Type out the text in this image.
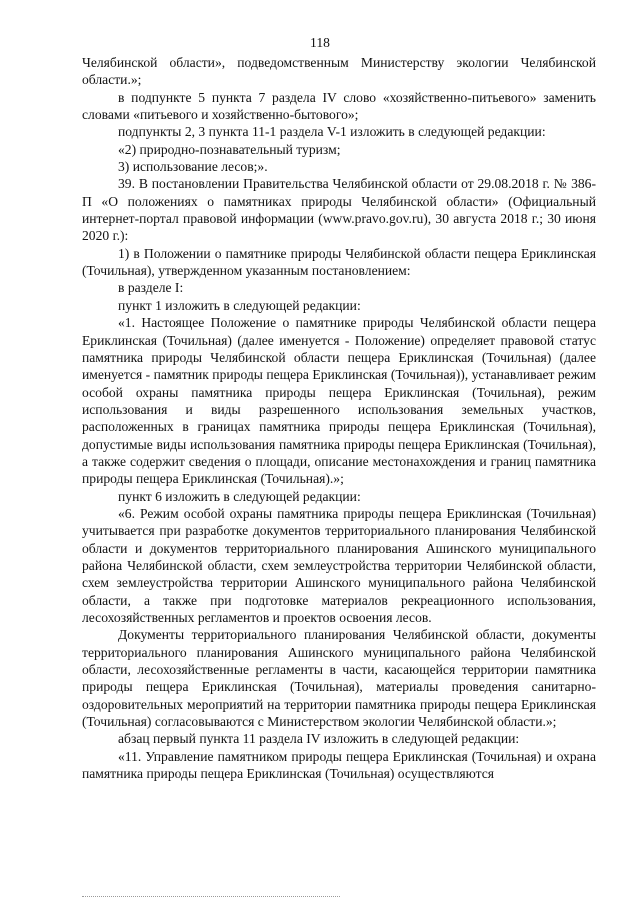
118

Челябинской области», подведомственным Министерству экологии Челябинской области.»;

в подпункте 5 пункта 7 раздела IV слово «хозяйственно-питьевого» заменить словами «питьевого и хозяйственно-бытового»;

подпункты 2, 3 пункта 11-1 раздела V-1 изложить в следующей редакции:

«2) природно-познавательный туризм;

3) использование лесов;».

39. В постановлении Правительства Челябинской области от 29.08.2018 г. № 386-П «О положениях о памятниках природы Челябинской области» (Официальный интернет-портал правовой информации (www.pravo.gov.ru), 30 августа 2018 г.; 30 июня 2020 г.):

1) в Положении о памятнике природы Челябинской области пещера Ериклинская (Точильная), утвержденном указанным постановлением:

в разделе I:

пункт 1 изложить в следующей редакции:

«1. Настоящее Положение о памятнике природы Челябинской области пещера Ериклинская (Точильная) (далее именуется - Положение) определяет правовой статус памятника природы Челябинской области пещера Ериклинская (Точильная) (далее именуется - памятник природы пещера Ериклинская (Точильная)), устанавливает режим особой охраны памятника природы пещера Ериклинская (Точильная), режим использования и виды разрешенного использования земельных участков, расположенных в границах памятника природы пещера Ериклинская (Точильная), допустимые виды использования памятника природы пещера Ериклинская (Точильная), а также содержит сведения о площади, описание местонахождения и границ памятника природы пещера Ериклинская (Точильная).»;

пункт 6 изложить в следующей редакции:

«6. Режим особой охраны памятника природы пещера Ериклинская (Точильная) учитывается при разработке документов территориального планирования Челябинской области и документов территориального планирования Ашинского муниципального района Челябинской области, схем землеустройства территории Челябинской области, схем землеустройства территории Ашинского муниципального района Челябинской области, а также при подготовке материалов рекреационного использования, лесохозяйственных регламентов и проектов освоения лесов.

Документы территориального планирования Челябинской области, документы территориального планирования Ашинского муниципального района Челябинской области, лесохозяйственные регламенты в части, касающейся территории памятника природы пещера Ериклинская (Точильная), материалы проведения санитарно-оздоровительных мероприятий на территории памятника природы пещера Ериклинская (Точильная) согласовываются с Министерством экологии Челябинской области.»;

абзац первый пункта 11 раздела IV изложить в следующей редакции:

«11. Управление памятником природы пещера Ериклинская (Точильная) и охрана памятника природы пещера Ериклинская (Точильная) осуществляются
